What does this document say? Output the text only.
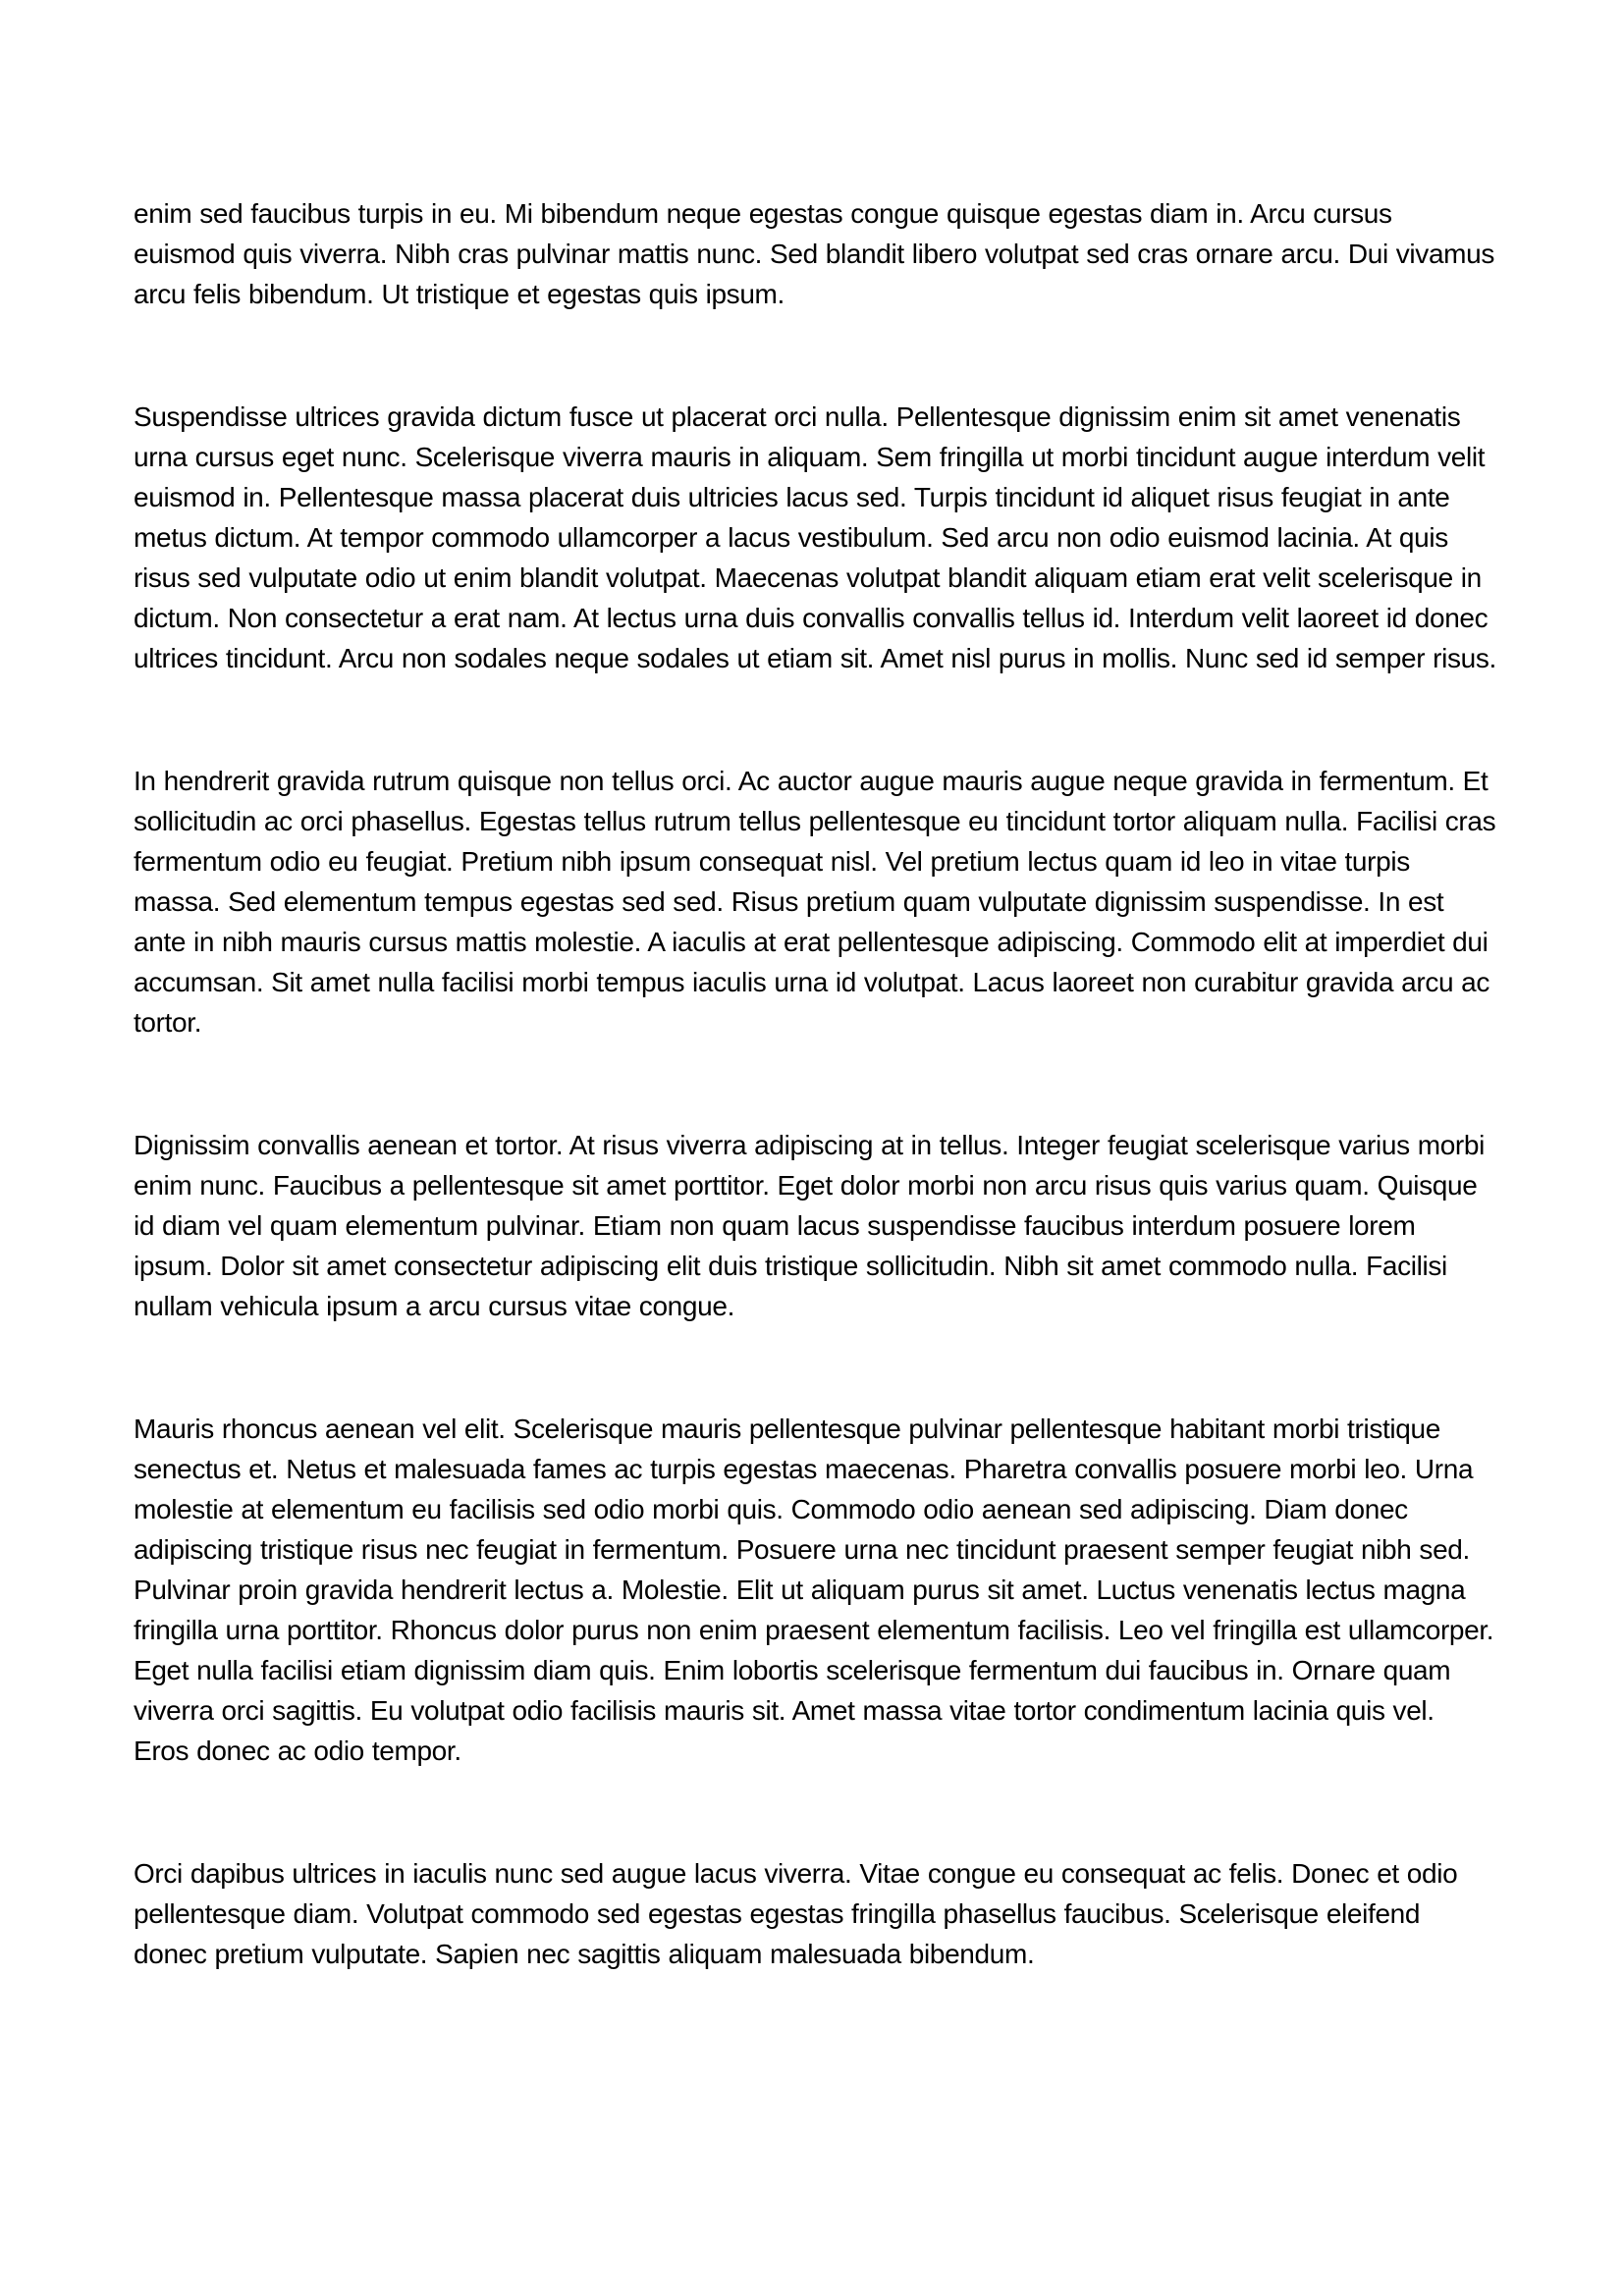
enim sed faucibus turpis in eu. Mi bibendum neque egestas congue quisque egestas diam in. Arcu cursus euismod quis viverra. Nibh cras pulvinar mattis nunc. Sed blandit libero volutpat sed cras ornare arcu. Dui vivamus arcu felis bibendum. Ut tristique et egestas quis ipsum.

Suspendisse ultrices gravida dictum fusce ut placerat orci nulla. Pellentesque dignissim enim sit amet venenatis urna cursus eget nunc. Scelerisque viverra mauris in aliquam. Sem fringilla ut morbi tincidunt augue interdum velit euismod in. Pellentesque massa placerat duis ultricies lacus sed. Turpis tincidunt id aliquet risus feugiat in ante metus dictum. At tempor commodo ullamcorper a lacus vestibulum. Sed arcu non odio euismod lacinia. At quis risus sed vulputate odio ut enim blandit volutpat. Maecenas volutpat blandit aliquam etiam erat velit scelerisque in dictum. Non consectetur a erat nam. At lectus urna duis convallis convallis tellus id. Interdum velit laoreet id donec ultrices tincidunt. Arcu non sodales neque sodales ut etiam sit. Amet nisl purus in mollis. Nunc sed id semper risus.

In hendrerit gravida rutrum quisque non tellus orci. Ac auctor augue mauris augue neque gravida in fermentum. Et sollicitudin ac orci phasellus. Egestas tellus rutrum tellus pellentesque eu tincidunt tortor aliquam nulla. Facilisi cras fermentum odio eu feugiat. Pretium nibh ipsum consequat nisl. Vel pretium lectus quam id leo in vitae turpis massa. Sed elementum tempus egestas sed sed. Risus pretium quam vulputate dignissim suspendisse. In est ante in nibh mauris cursus mattis molestie. A iaculis at erat pellentesque adipiscing. Commodo elit at imperdiet dui accumsan. Sit amet nulla facilisi morbi tempus iaculis urna id volutpat. Lacus laoreet non curabitur gravida arcu ac tortor.

Dignissim convallis aenean et tortor. At risus viverra adipiscing at in tellus. Integer feugiat scelerisque varius morbi enim nunc. Faucibus a pellentesque sit amet porttitor. Eget dolor morbi non arcu risus quis varius quam. Quisque id diam vel quam elementum pulvinar. Etiam non quam lacus suspendisse faucibus interdum posuere lorem ipsum. Dolor sit amet consectetur adipiscing elit duis tristique sollicitudin. Nibh sit amet commodo nulla. Facilisi nullam vehicula ipsum a arcu cursus vitae congue.

Mauris rhoncus aenean vel elit. Scelerisque mauris pellentesque pulvinar pellentesque habitant morbi tristique senectus et. Netus et malesuada fames ac turpis egestas maecenas. Pharetra convallis posuere morbi leo. Urna molestie at elementum eu facilisis sed odio morbi quis. Commodo odio aenean sed adipiscing. Diam donec adipiscing tristique risus nec feugiat in fermentum. Posuere urna nec tincidunt praesent semper feugiat nibh sed. Pulvinar proin gravida hendrerit lectus a. Molestie. Elit ut aliquam purus sit amet. Luctus venenatis lectus magna fringilla urna porttitor. Rhoncus dolor purus non enim praesent elementum facilisis. Leo vel fringilla est ullamcorper. Eget nulla facilisi etiam dignissim diam quis. Enim lobortis scelerisque fermentum dui faucibus in. Ornare quam viverra orci sagittis. Eu volutpat odio facilisis mauris sit. Amet massa vitae tortor condimentum lacinia quis vel. Eros donec ac odio tempor.

Orci dapibus ultrices in iaculis nunc sed augue lacus viverra. Vitae congue eu consequat ac felis. Donec et odio pellentesque diam. Volutpat commodo sed egestas egestas fringilla phasellus faucibus. Scelerisque eleifend donec pretium vulputate. Sapien nec sagittis aliquam malesuada bibendum.
